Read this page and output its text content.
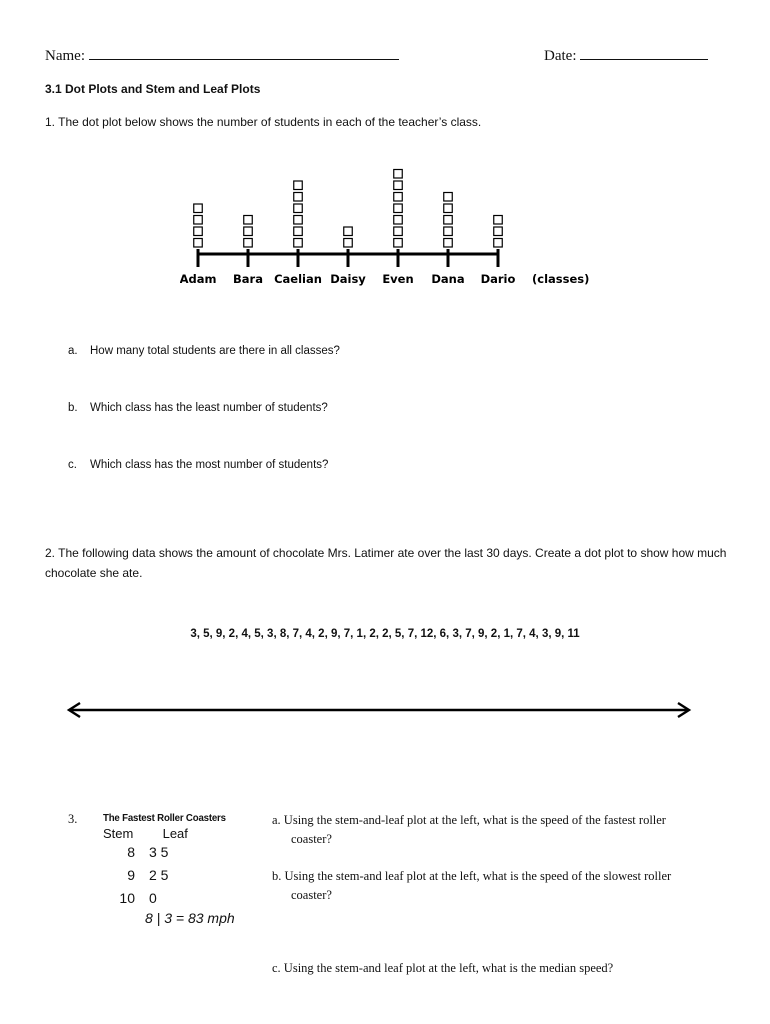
Name:	Date:
3.1 Dot Plots and Stem and Leaf Plots
1. The dot plot below shows the number of students in each of the teacher’s class.
Adam Bara Caelian Daisy Even Dana Dario (classes)
a. How many total students are there in all classes?
b. Which class has the least number of students?
c. Which class has the most number of students?
2. The following data shows the amount of chocolate Mrs. Latimer ate over the last 30 days. Create a dot plot to show how much chocolate she ate.
3, 5, 9, 2, 4, 5, 3, 8, 7, 4, 2, 9, 7, 1, 2, 2, 5, 7, 12, 6, 3, 7, 9, 2, 1, 7, 4, 3, 9, 11
3. The Fastest Roller Coasters
Stem Leaf
8 3 5
9 2 5
10 0
8 | 3 = 83 mph
a. Using the stem-and-leaf plot at the left, what is the speed of the fastest roller
coaster?
b. Using the stem-and leaf plot at the left, what is the speed of the slowest roller
coaster?
c. Using the stem-and leaf plot at the left, what is the median speed?
